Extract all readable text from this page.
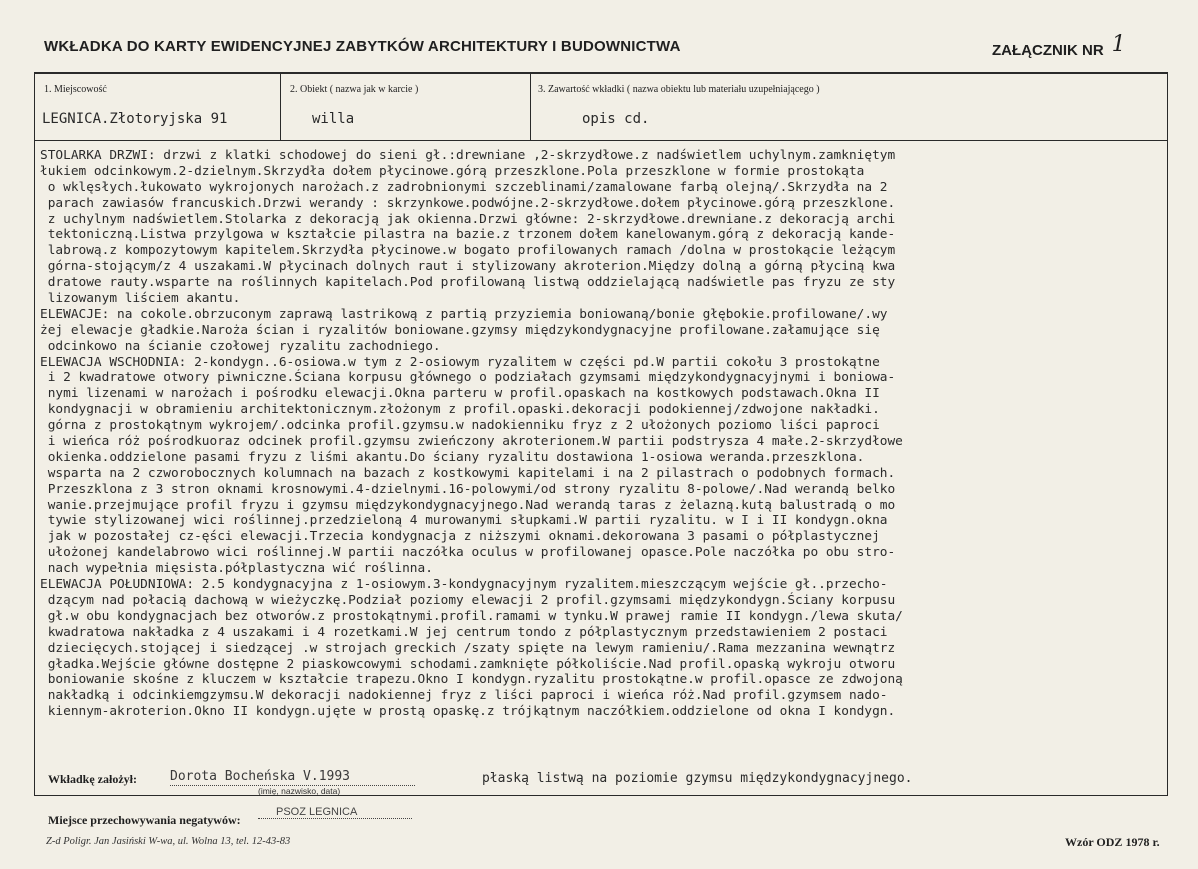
WKŁADKA DO KARTY EWIDENCYJNEJ ZABYTKÓW ARCHITEKTURY I BUDOWNICTWA	ZAŁĄCZNIK NR 1
1. Miejscowość
LEGNICA.Złotoryjska 91
2. Obiekt ( nazwa jak w karcie )
willa
3. Zawartość wkładki ( nazwa obiektu lub materiału uzupełniającego )
opis cd.
STOLARKA DRZWI: drzwi z klatki schodowej do sieni gł.:drewniane ,2-skrzydłowe.z nadświetlem uchylnym.zamkniętym
łukiem odcinkowym.2-dzielnym.Skrzydła dołem płycinowe.górą przeszklone.Pola przeszklone w formie prostokąta
o wklęsłych.łukowato wykrojonych narożach.z zadrobnionymi szczeblinami/zamalowane farbą olejną/.Skrzydła na 2
parach zawiasów francuskich.Drzwi werandy : skrzynkowe.podwójne.2-skrzydłowe.dołem płycinowe.górą przeszklone.
z uchylnym nadświetlem.Stolarka z dekoracją jak okienna.Drzwi główne: 2-skrzydłowe.drewniane.z dekoracją archi
tektoniczną.Listwa przylgowa w kształcie pilastra na bazie.z trzonem dołem kanelowanym.górą z dekoracją kande-
labrową.z kompozytowym kapitelem.Skrzydła płycinowe.w bogato profilowanych ramach /dolna w prostokącie leżącym
górna-stojącym/z 4 uszakami.W płycinach dolnych raut i stylizowany akroterion.Między dolną a górną płyciną kwa
dratowe rauty.wsparte na roślinnych kapitelach.Pod profilowaną listwą oddzielającą nadświetle pas fryzu ze sty
lizowanym liściem akantu.
ELEWACJE: na cokole.obrzuconym zaprawą lastrikową z partią przyziemia boniowaną/bonie głębokie.profilowane/.wy
żej elewacje gładkie.Naroża ścian i ryzalitów boniowane.gzymsy międzykondygnacyjne profilowane.załamujące się
odcinkowo na ścianie czołowej ryzalitu zachodniego.
ELEWACJA WSCHODNIA: 2-kondygn..6-osiowa.w tym z 2-osiowym ryzalitem w części pd.W partii cokołu 3 prostokątne
i 2 kwadratowe otwory piwniczne.Ściana korpusu głównego o podziałach gzymsami międzykondygnacyjnymi i boniowa-
nymi lizenami w narożach i pośrodku elewacji.Okna parteru w profil.opaskach na kostkowych podstawach.Okna II
kondygnacji w obramieniu architektonicznym.złożonym z profil.opaski.dekoracji podokiennej/zdwojone nakładki.
górna z prostokątnym wykrojem/.odcinka profil.gzymsu.w nadokienniku fryz z 2 ułożonych poziomo liści paproci
i wieńca róż pośrodkuoraz odcinek profil.gzymsu zwieńczony akroterionem.W partii podstrysza 4 małe.2-skrzydłowe
okienka.oddzielone pasami fryzu z liśmi akantu.Do ściany ryzalitu dostawiona 1-osiowa weranda.przeszklona.
wsparta na 2 czworobocznych kolumnach na bazach z kostkowymi kapitelami i na 2 pilastrach o podobnych formach.
Przeszklona z 3 stron oknami krosnowymi.4-dzielnymi.16-polowymi/od strony ryzalitu 8-polowe/.Nad werandą belko
wanie.przejmujące profil fryzu i gzymsu międzykondygnacyjnego.Nad werandą taras z żelazną.kutą balustradą o mo
tywie stylizowanej wici roślinnej.przedzieloną 4 murowanymi słupkami.W partii ryzalitu. w I i II kondygn.okna
jak w pozostałej cz-ęści elewacji.Trzecia kondygnacja z niższymi oknami.dekorowana 3 pasami o półplastycznej
ułożonej kandelabrowo wici roślinnej.W partii naczółka oculus w profilowanej opasce.Pole naczółka po obu stro-
nach wypełnia mięsista.półplastyczna wić roślinna.
ELEWACJA POŁUDNIOWA: 2.5 kondygnacyjna z 1-osiowym.3-kondygnacyjnym ryzalitem.mieszczącym wejście gł..przecho-
dzącym nad połacią dachową w wieżyczkę.Podział poziomy elewacji 2 profil.gzymsami międzykondygn.Ściany korpusu
gł.w obu kondygnacjach bez otworów.z prostokątnymi.profil.ramami w tynku.W prawej ramie II kondygn./lewa skuta/
kwadratowa nakładka z 4 uszakami i 4 rozetkami.W jej centrum tondo z półplastycznym przedstawieniem 2 postaci
dziecięcych.stojącej i siedzącej .w strojach greckich /szaty spięte na lewym ramieniu/.Rama mezzanina wewnątrz
gładka.Wejście główne dostępne 2 piaskowcowymi schodami.zamknięte półkoliście.Nad profil.opaską wykroju otworu
boniowanie skośne z kluczem w kształcie trapezu.Okno I kondygn.ryzalitu prostokątne.w profil.opasce ze zdwojoną
nakładką i odcinkiemgzymsu.W dekoracji nadokiennej fryz z liści paproci i wieńca róż.Nad profil.gzymsem nado-
kiennym-akroterion.Okno II kondygn.ujęte w prostą opaskę.z trójkątnym naczółkiem.oddzielone od okna I kondygn.
Wkładkę założył:	Dorota Bocheńska V.1993
(imię, nazwisko, data)
płaską listwą na poziomie gzymsu międzykondygnacyjnego.
Miejsce przechowywania negatywów:
PSOZ LEGNICA
Z-d Poligr. Jan Jasiński W-wa, ul. Wolna 13, tel. 12-43-83	Wzór ODZ 1978 r.
